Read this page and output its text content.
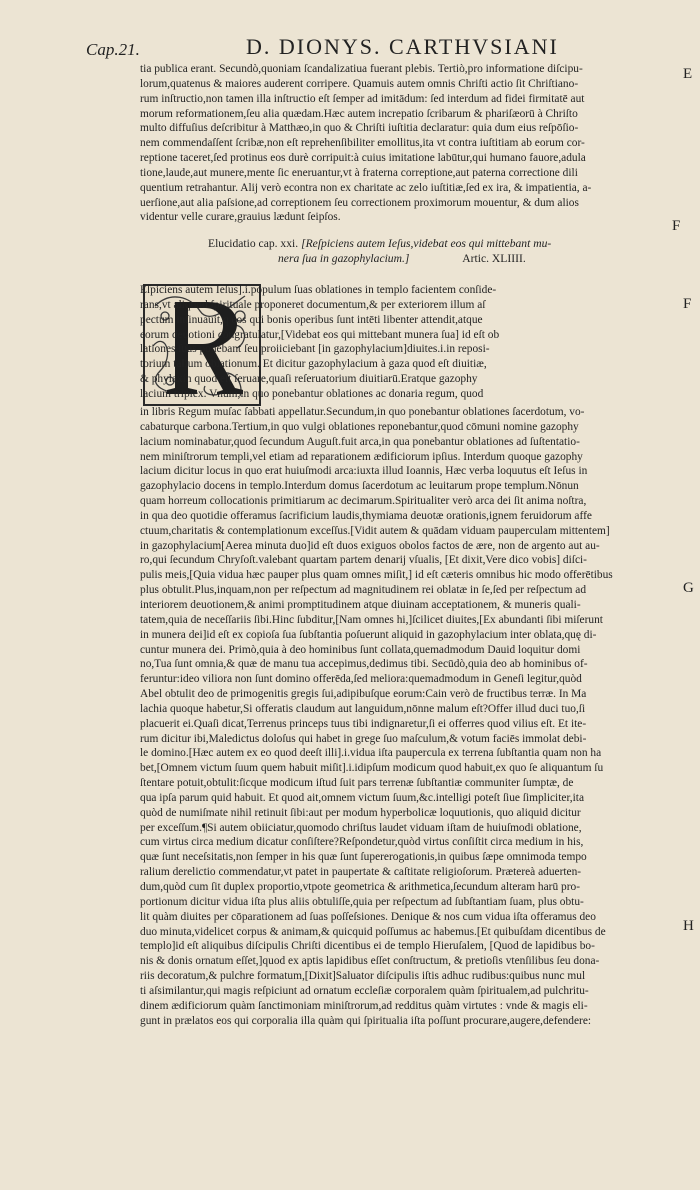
Cap.21.	D. DIONYS. CARTHVSIANI
E
F
F
G
H

tia publica erant. Secundò,quoniam ſcandalizatiua fuerant plebis. Tertiò,pro informatione diſcipu-

lorum,quatenus & maiores auderent corripere. Quamuis autem omnis Chriſti actio ſit Chriſtiano-

rum inſtructio,non tamen illa inſtructio eſt ſemper ad imitādum: ſed interdum ad fidei firmitatē aut

morum reformationem,ſeu alia quædam.Hæc autem increpatio ſcribarum & phariſæorū à Chriſto

multo diffuſius deſcribitur à Matthæo,in quo & Chriſti iuſtitia declaratur: quia dum eius reſpōſio-

nem commendaſſent ſcribæ,non eſt reprehenſibiliter emollitus,ita vt contra iuſtitiam ab eorum cor-

reptione taceret,ſed protinus eos durè corripuit:à cuius imitatione labūtur,qui humano fauore,adula

tione,laude,aut munere,mente ſic eneruantur,vt à fraterna correptione,aut paterna correctione dili

quentium retrahantur. Alij verò econtra non ex charitate ac zelo iuſtitiæ,ſed ex ira, & impatientia, a-

uerſione,aut alia paſsione,ad correptionem ſeu correctionem proximorum mouentur, & dum alios

videntur velle curare,grauius lædunt ſeipſos.

Elucidatio cap. xxi. [Reſpiciens autem Ieſus,videbat eos qui mittebant mu-
nera ſua in gazophylacium.]	Artic. XLIIII.

Eſpiciens autem Ieſus].i.populum ſuas oblationes in templo facientem conſide-

rans,vt aliquod ſpirituale proponeret documentum,& per exteriorem illum aſ

pectum inſinuauit,q eos qui bonis operibus ſunt intēti libenter attendit,atque

eorum deuotioni congratulatur,[Videbat eos qui mittebant munera ſua] id eſt ob

lationes ſuas ponebant ſeu proiiciebant [in gazophylacium]diuites.i.in reposi-

torium talium oblationum. Et dicitur gazophylacium à gaza quod eſt diuitiæ,

& phylaxin quod eſt ſeruare,quaſi reſeruatorium diuitiarū.Eratque gazophy

lacium triplex. Vnum,in quo ponebantur oblationes ac donaria regum, quod

in libris Regum muſac ſabbati appellatur.Secundum,in quo ponebantur oblationes ſacerdotum, vo-

cabaturque carbona.Tertium,in quo vulgi oblationes reponebantur,quod cōmuni nomine gazophy

lacium nominabatur,quod ſecundum Auguſt.fuit arca,in qua ponebantur oblationes ad ſuſtentatio-

nem miniſtrorum templi,vel etiam ad reparationem ædificiorum ipſius. Interdum quoque gazophy

lacium dicitur locus in quo erat huiuſmodi arca:iuxta illud Ioannis, Hæc verba loquutus eſt Ieſus in

gazophylacio docens in templo.Interdum domus ſacerdotum ac leuitarum prope templum.Nōnun

quam horreum collocationis primitiarum ac decimarum.Spiritualiter verò arca dei ſit anima noſtra,

in qua deo quotidie offeramus ſacrificium laudis,thymiama deuotæ orationis,ignem feruidorum affe

ctuum,charitatis & contemplationum exceſſus.[Vidit autem & quādam viduam pauperculam mittentem]

in gazophylacium[Aerea minuta duo]id eſt duos exiguos obolos factos de ære, non de argento aut au-

ro,qui ſecundum Chryſoſt.valebant quartam partem denarij vſualis, [Et dixit,Vere dico vobis] diſci-

pulis meis,[Quia vidua hæc pauper plus quam omnes miſit,] id eſt cæteris omnibus hic modo offerētibus

plus obtulit.Plus,inquam,non per reſpectum ad magnitudinem rei oblatæ in ſe,ſed per reſpectum ad

interiorem deuotionem,& animi promptitudinem atque diuinam acceptationem, & muneris quali-

tatem,quia de neceſſariis ſibi.Hinc ſubditur,[Nam omnes hi,]ſcilicet diuites,[Ex abundanti ſibi miſerunt

in munera dei]id eſt ex copioſa ſua ſubſtantia poſuerunt aliquid in gazophylacium inter oblata,quę di-

cuntur munera dei. Primò,quia à deo hominibus ſunt collata,quemadmodum Dauid loquitur domi

no,Tua ſunt omnia,& quæ de manu tua accepimus,dedimus tibi. Secūdò,quia deo ab hominibus of-

feruntur:ideo viliora non ſunt domino offerēda,ſed meliora:quemadmodum in Geneſi legitur,quòd

Abel obtulit deo de primogenitis gregis ſui,adipibuſque eorum:Cain verò de fructibus terræ. In Ma

lachia quoque habetur,Si offeratis claudum aut languidum,nōnne malum eſt?Offer illud duci tuo,ſi

placuerit ei.Quaſi dicat,Terrenus princeps tuus tibi indignaretur,ſi ei offerres quod vilius eſt. Et ite-

rum dicitur ibi,Maledictus doloſus qui habet in grege ſuo maſculum,& votum faciēs immolat debi-

le domino.[Hæc autem ex eo quod deeſt illi].i.vidua iſta paupercula ex terrena ſubſtantia quam non ha

bet,[Omnem victum ſuum quem habuit miſit].i.idipſum modicum quod habuit,ex quo ſe aliquantum ſu

ſtentare potuit,obtulit:ſicque modicum iſtud ſuit pars terrenæ ſubſtantiæ communiter ſumptæ, de

qua ipſa parum quid habuit. Et quod ait,omnem victum ſuum,&c.intelligi poteſt ſiue ſimpliciter,ita

quòd de numiſmate nihil retinuit ſibi:aut per modum hyperbolicæ loquutionis, quo aliquid dicitur

per exceſſum.¶Si autem obiiciatur,quomodo chriſtus laudet viduam iſtam de huiuſmodi oblatione,

cum virtus circa medium dicatur conſiſtere?Reſpondetur,quòd virtus conſiſtit circa medium in his,

quæ ſunt neceſsitatis,non ſemper in his quæ ſunt ſupererogationis,in quibus ſæpe omnimoda tempo

ralium derelictio commendatur,vt patet in paupertate & caſtitate religioſorum. Prætereà aduerten-

dum,quòd cum ſit duplex proportio,vtpote geometrica & arithmetica,ſecundum alteram harū pro-

portionum dicitur vidua iſta plus aliis obtuliſſe,quia per reſpectum ad ſubſtantiam ſuam, plus obtu-

lit quàm diuites per cōparationem ad ſuas poſſeſsiones. Denique & nos cum vidua iſta offeramus deo

duo minuta,videlicet corpus & animam,& quicquid poſſumus ac habemus.[Et quibuſdam dicentibus de

templo]id eſt aliquibus diſcipulis Chriſti dicentibus ei de templo Hieruſalem, [Quod de lapidibus bo-

nis & donis ornatum eſſet,]quod ex aptis lapidibus eſſet conſtructum, & pretioſis vtenſilibus ſeu dona-

riis decoratum,& pulchre formatum,[Dixit]Saluator diſcipulis iſtis adhuc rudibus:quibus nunc mul

ti aſsimilantur,qui magis reſpiciunt ad ornatum eccleſiæ corporalem quàm ſpiritualem,ad pulchritu-

dinem ædificiorum quàm ſanctimoniam miniſtrorum,ad redditus quàm virtutes : vnde & magis eli-

gunt in prælatos eos qui corporalia illa quàm qui ſpiritualia iſta poſſunt procurare,augere,defendere:
